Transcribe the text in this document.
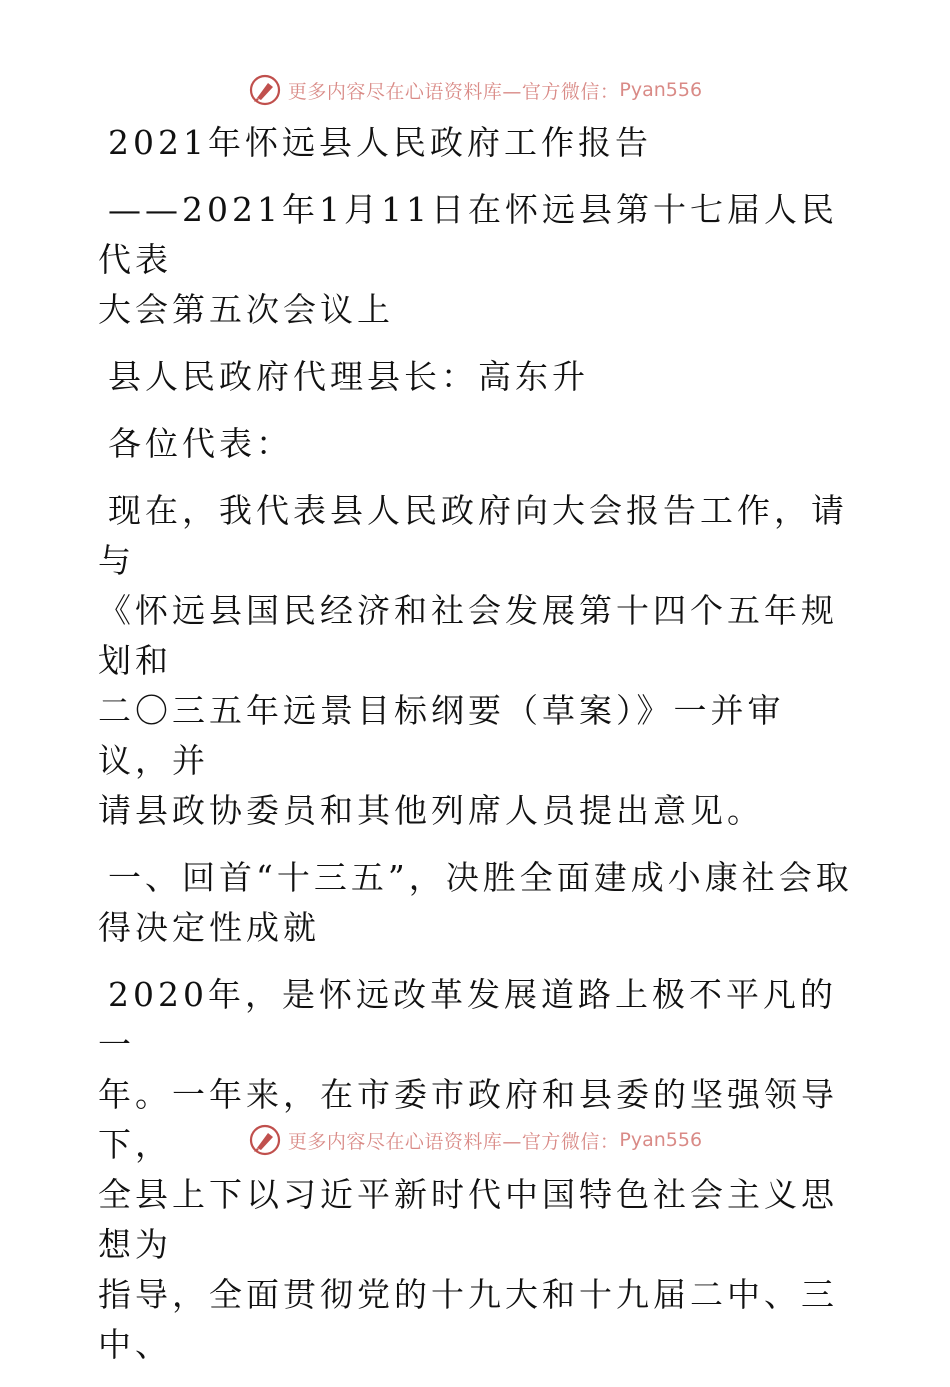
更多内容尽在心语资料库—官方微信： Pyan556

2021年怀远县人民政府工作报告

——2021年1月11日在怀远县第十七届人民代表
大会第五次会议上

县人民政府代理县长：高东升

各位代表：

现在，我代表县人民政府向大会报告工作，请与
《怀远县国民经济和社会发展第十四个五年规划和
二〇三五年远景目标纲要（草案）》一并审议，并
请县政协委员和其他列席人员提出意见。

一、回首“十三五”，决胜全面建成小康社会取
得决定性成就

2020年，是怀远改革发展道路上极不平凡的一
年。一年来，在市委市政府和县委的坚强领导下，
全县上下以习近平新时代中国特色社会主义思想为
指导，全面贯彻党的十九大和十九届二中、三中、

更多内容尽在心语资料库—官方微信： Pyan556
